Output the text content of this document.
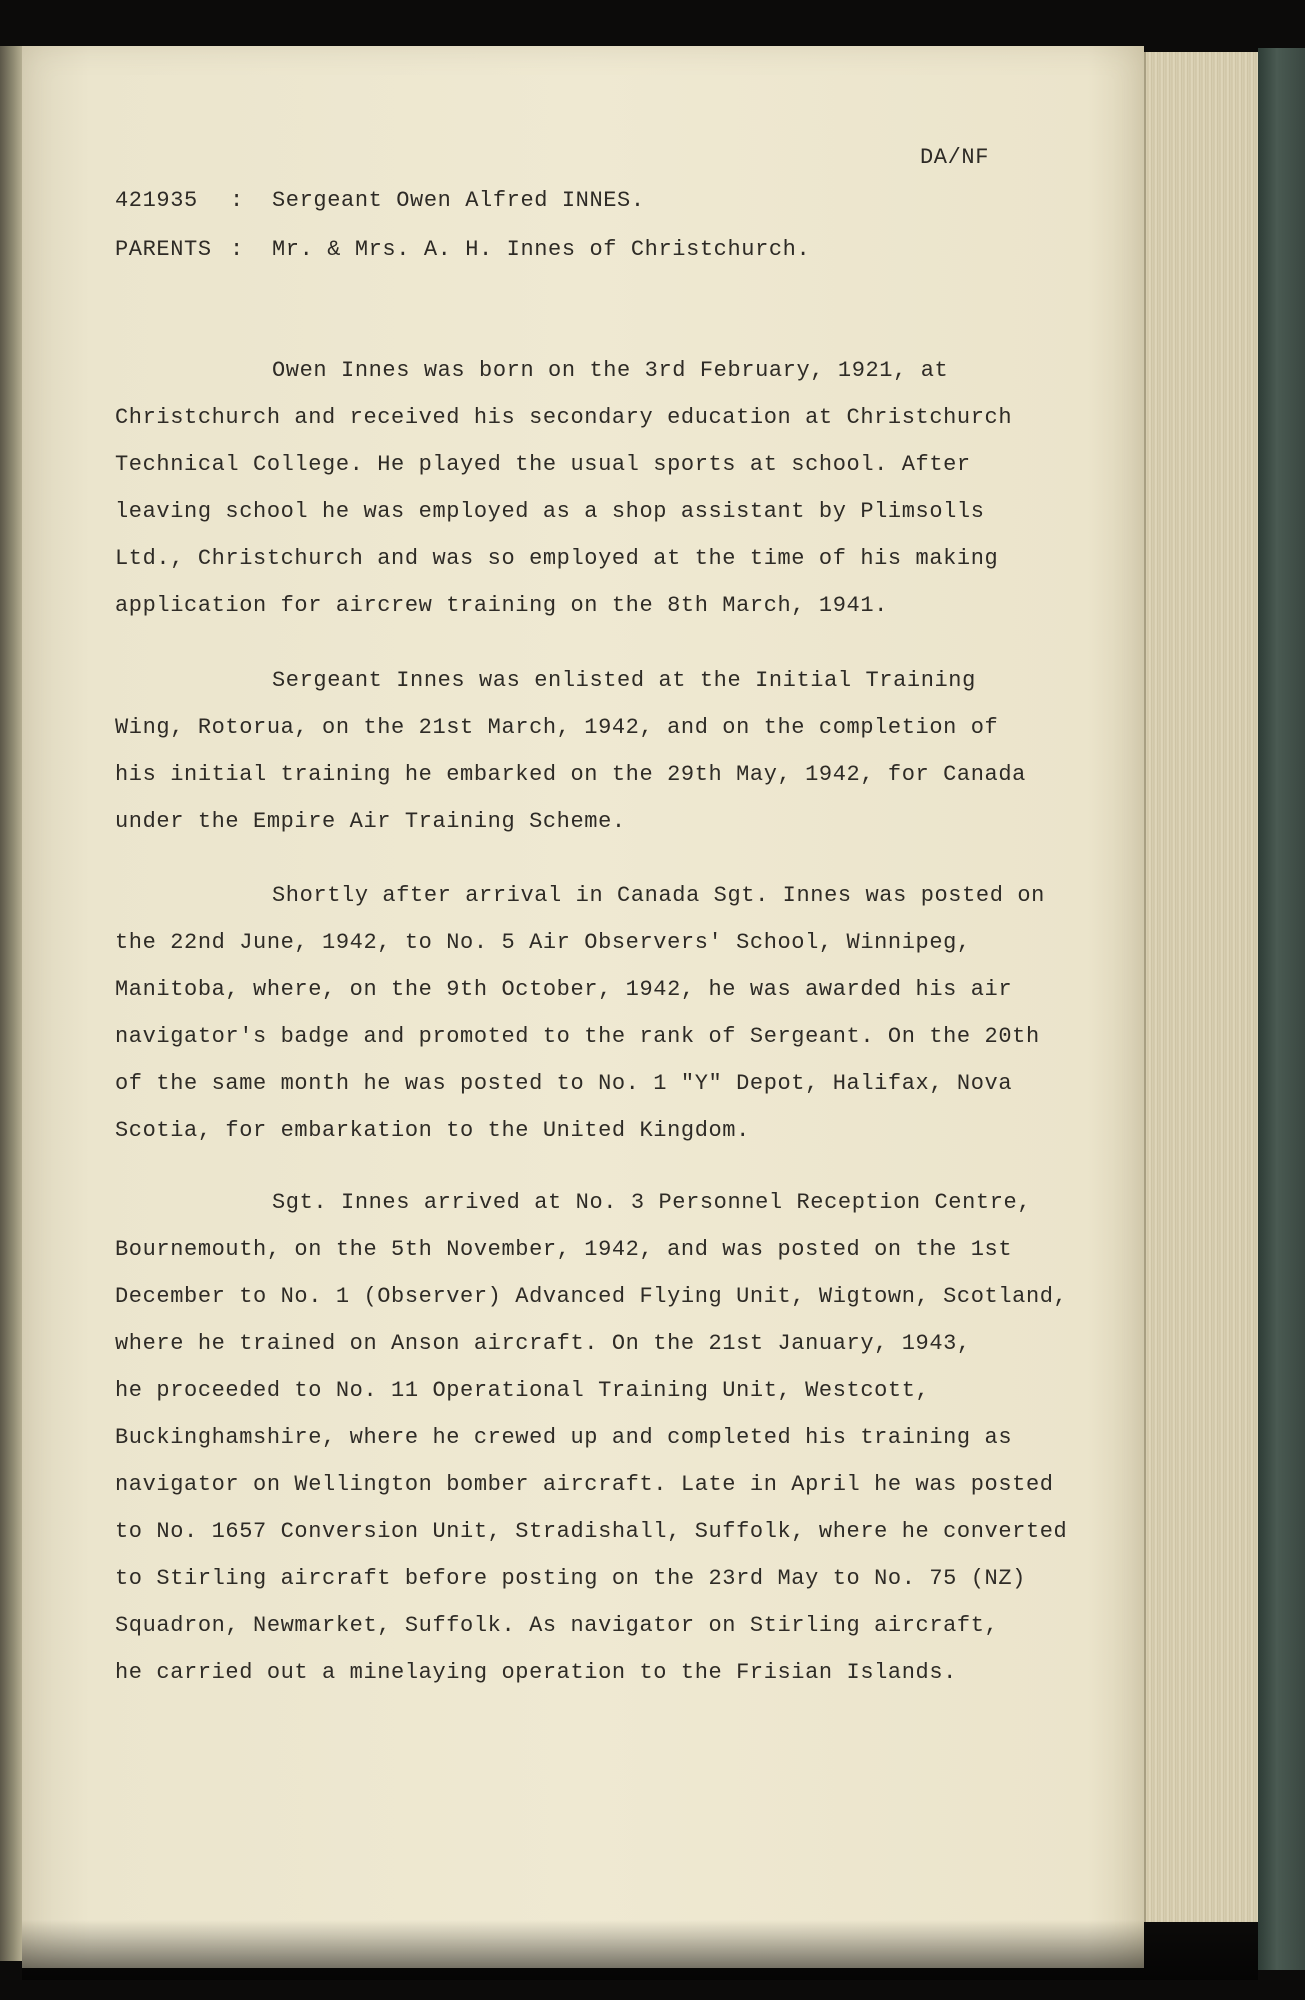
DA/NF
421935 : Sergeant Owen Alfred INNES.
PARENTS : Mr. & Mrs. A. H. Innes of Christchurch.
Owen Innes was born on the 3rd February, 1921, at
Christchurch and received his secondary education at Christchurch
Technical College. He played the usual sports at school. After
leaving school he was employed as a shop assistant by Plimsolls
Ltd., Christchurch and was so employed at the time of his making
application for aircrew training on the 8th March, 1941.
Sergeant Innes was enlisted at the Initial Training
Wing, Rotorua, on the 21st March, 1942, and on the completion of
his initial training he embarked on the 29th May, 1942, for Canada
under the Empire Air Training Scheme.
Shortly after arrival in Canada Sgt. Innes was posted on
the 22nd June, 1942, to No. 5 Air Observers' School, Winnipeg,
Manitoba, where, on the 9th October, 1942, he was awarded his air
navigator's badge and promoted to the rank of Sergeant. On the 20th
of the same month he was posted to No. 1 "Y" Depot, Halifax, Nova
Scotia, for embarkation to the United Kingdom.
Sgt. Innes arrived at No. 3 Personnel Reception Centre,
Bournemouth, on the 5th November, 1942, and was posted on the 1st
December to No. 1 (Observer) Advanced Flying Unit, Wigtown, Scotland,
where he trained on Anson aircraft. On the 21st January, 1943,
he proceeded to No. 11 Operational Training Unit, Westcott,
Buckinghamshire, where he crewed up and completed his training as
navigator on Wellington bomber aircraft. Late in April he was posted
to No. 1657 Conversion Unit, Stradishall, Suffolk, where he converted
to Stirling aircraft before posting on the 23rd May to No. 75 (NZ)
Squadron, Newmarket, Suffolk. As navigator on Stirling aircraft,
he carried out a minelaying operation to the Frisian Islands.
